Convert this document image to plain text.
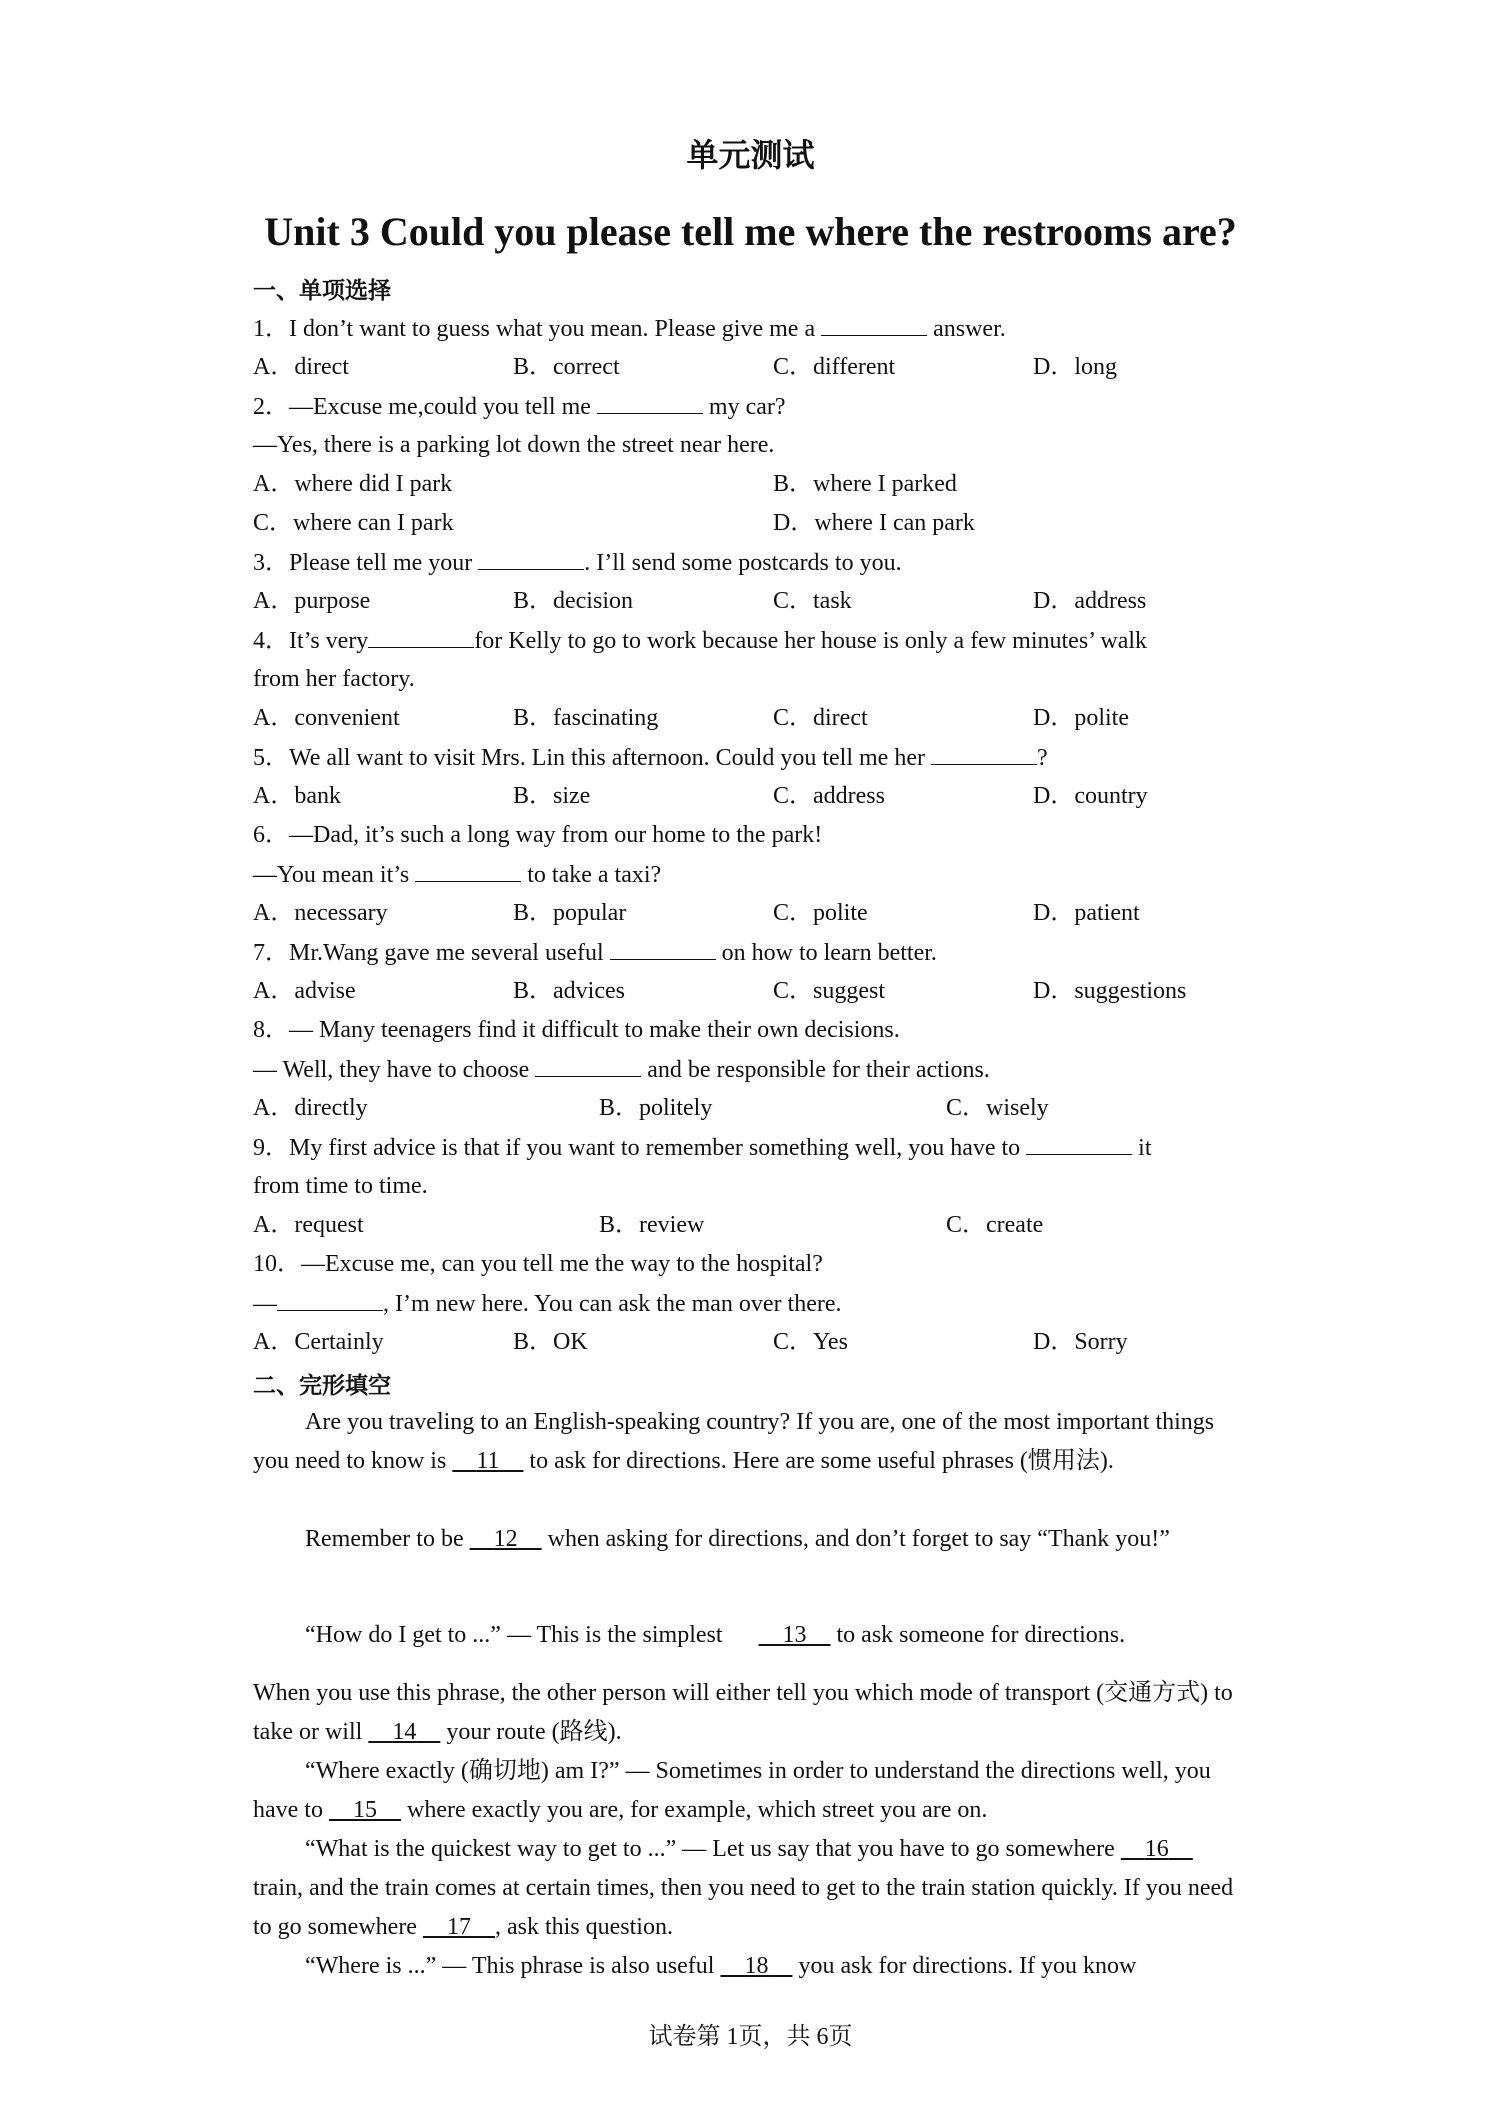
单元测试
Unit 3 Could you please tell me where the restrooms are?
一、单项选择
1．I don’t want to guess what you mean. Please give me a	answer.
A．direct	B．correct	C．different	D．long
2．—Excuse me,could you tell me	my car?
—Yes, there is a parking lot down the street near here.
A．where did I park	B．where I parked
C．where can I park	D．where I can park
3．Please tell me your	. I’ll send some postcards to you.
A．purpose	B．decision	C．task	D．address
4．It’s very	for Kelly to go to work because her house is only a few minutes’ walk
from her factory.
A．convenient	B．fascinating	C．direct	D．polite
5．We all want to visit Mrs. Lin this afternoon. Could you tell me her	?
A．bank	B．size	C．address	D．country
6．—Dad, it’s such a long way from our home to the park!
—You mean it’s	to take a taxi?
A．necessary	B．popular	C．polite	D．patient
7．Mr.Wang gave me several useful	on how to learn better.
A．advise	B．advices	C．suggest	D．suggestions
8．— Many teenagers find it difficult to make their own decisions.
— Well, they have to choose	and be responsible for their actions.
A．directly	B．politely	C．wisely
9．My first advice is that if you want to remember something well, you have to	it
from time to time.
A．request	B．review	C．create
10．—Excuse me, can you tell me the way to the hospital?
—	, I’m new here. You can ask the man over there.
A．Certainly	B．OK	C．Yes	D．Sorry
二、完形填空
Are you traveling to an English-speaking country? If you are, one of the most important things you need to know is 11 to ask for directions. Here are some useful phrases (惯用法).
Remember to be 12 when asking for directions, and don’t forget to say “Thank you!”
“How do I get to ...” — This is the simplest	13 to ask someone for directions.
When you use this phrase, the other person will either tell you which mode of transport (交通方式) to take or will 14 your route (路线).
“Where exactly (确切地) am I?” — Sometimes in order to understand the directions well, you have to 15 where exactly you are, for example, which street you are on.
“What is the quickest way to get to ...” — Let us say that you have to go somewhere 16     train, and the train comes at certain times, then you need to get to the train station quickly. If you need to go somewhere 17 , ask this question.
“Where is ...” — This phrase is also useful 18 you ask for directions. If you know
试卷第 1页，共 6页
